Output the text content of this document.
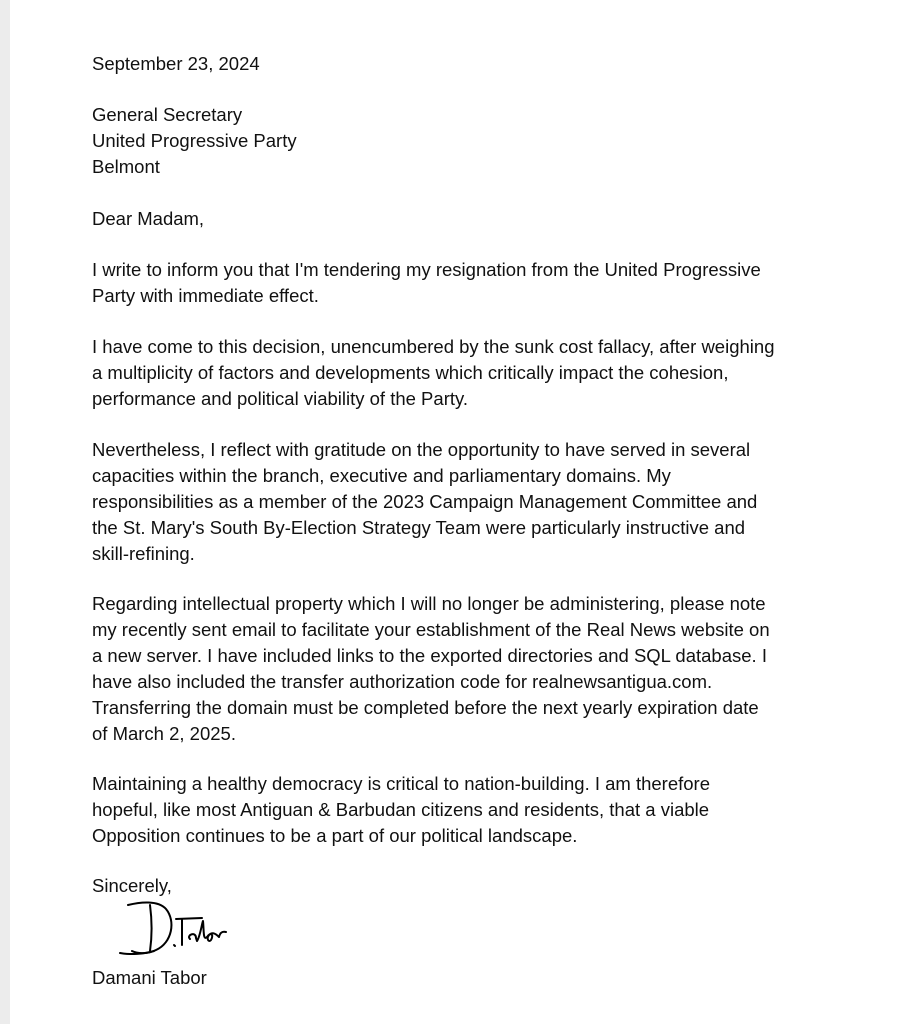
September 23, 2024

General Secretary
United Progressive Party
Belmont

Dear Madam,

I write to inform you that I'm tendering my resignation from the United Progressive
Party with immediate effect.

I have come to this decision, unencumbered by the sunk cost fallacy, after weighing
a multiplicity of factors and developments which critically impact the cohesion,
performance and political viability of the Party.

Nevertheless, I reflect with gratitude on the opportunity to have served in several
capacities within the branch, executive and parliamentary domains. My
responsibilities as a member of the 2023 Campaign Management Committee and
the St. Mary's South By-Election Strategy Team were particularly instructive and
skill-refining.

Regarding intellectual property which I will no longer be administering, please note
my recently sent email to facilitate your establishment of the Real News website on
a new server. I have included links to the exported directories and SQL database. I
have also included the transfer authorization code for realnewsantigua.com.
Transferring the domain must be completed before the next yearly expiration date
of March 2, 2025.

Maintaining a healthy democracy is critical to nation-building. I am therefore
hopeful, like most Antiguan & Barbudan citizens and residents, that a viable
Opposition continues to be a part of our political landscape.

Sincerely,

Damani Tabor
